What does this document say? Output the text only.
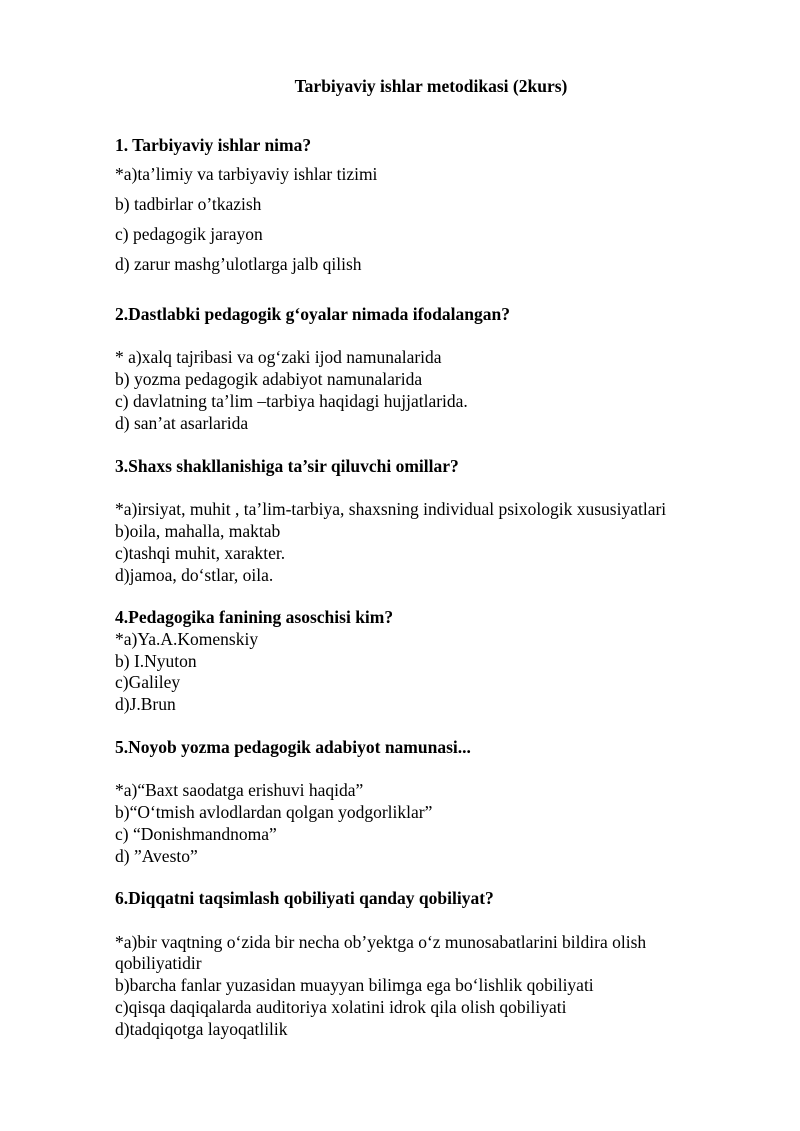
Tarbiyaviy ishlar metodikasi (2kurs)
1. Tarbiyaviy ishlar nima?
*a)ta’limiy va tarbiyaviy ishlar tizimi
b) tadbirlar o’tkazish
c) pedagogik jarayon
d) zarur mashg’ulotlarga jalb qilish
2.Dastlabki pedagogik g‘oyalar nimada ifodalangan?
* a)xalq tajribasi va og‘zaki ijod namunalarida
b) yozma pedagogik adabiyot namunalarida
c) davlatning ta’lim –tarbiya haqidagi hujjatlarida.
d) san’at asarlarida
3.Shaxs shakllanishiga ta’sir qiluvchi omillar?
*a)irsiyat, muhit , ta’lim-tarbiya, shaxsning individual psixologik xususiyatlari
b)oila, mahalla, maktab
c)tashqi muhit, xarakter.
d)jamoa, do‘stlar, oila.
4.Pedagogika fanining asoschisi kim?
*a)Ya.A.Komenskiy
b) I.Nyuton
c)Galiley
d)J.Brun
5.Noyob yozma pedagogik adabiyot namunasi...
*a)“Baxt saodatga erishuvi haqida”
b)“O‘tmish avlodlardan qolgan yodgorliklar”
c) “Donishmandnoma”
d) ”Avesto”
6.Diqqatni taqsimlash qobiliyati qanday qobiliyat?
*a)bir vaqtning o‘zida bir necha ob’yektga o‘z munosabatlarini bildira olish
qobiliyatidir
b)barcha fanlar yuzasidan muayyan bilimga ega bo‘lishlik qobiliyati
c)qisqa daqiqalarda auditoriya xolatini idrok qila olish qobiliyati
d)tadqiqotga layoqatlilik
